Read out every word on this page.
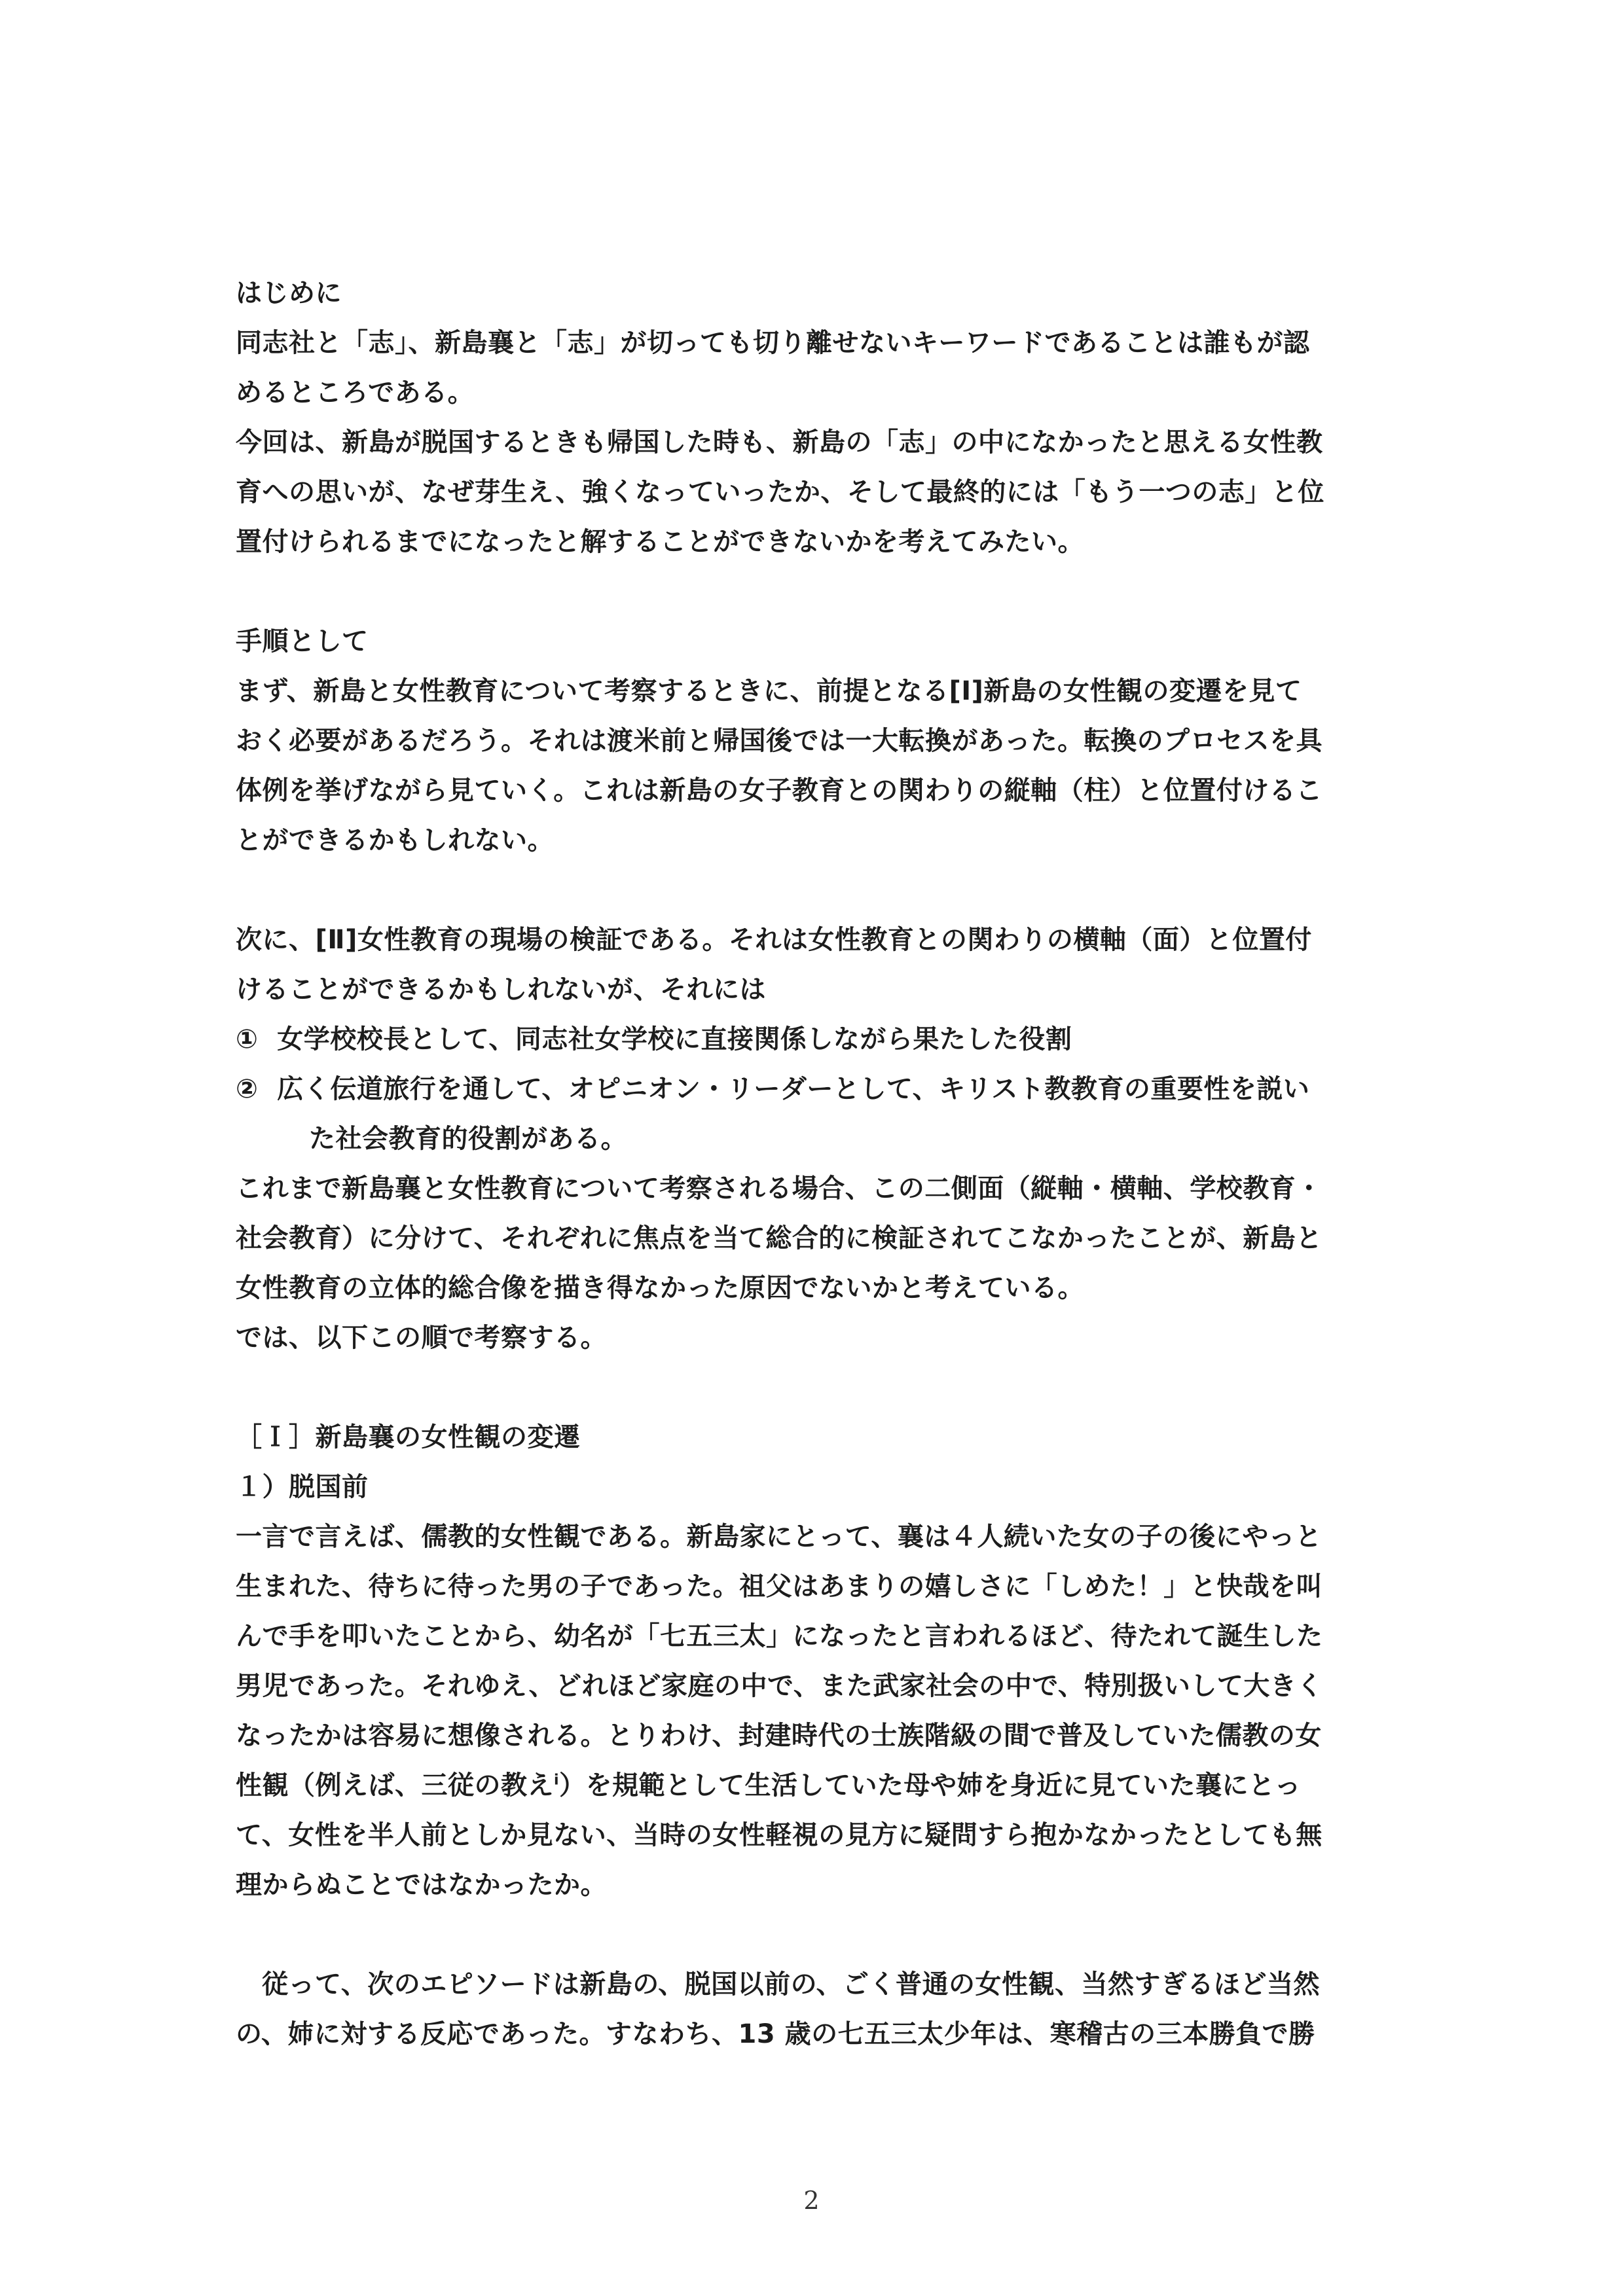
はじめに
同志社と「志」、新島襄と「志」が切っても切り離せないキーワードであることは誰もが認
めるところである。
今回は、新島が脱国するときも帰国した時も、新島の「志」の中になかったと思える女性教
育への思いが、なぜ芽生え、強くなっていったか、そして最終的には「もう一つの志」と位
置付けられるまでになったと解することができないかを考えてみたい。
手順として
まず、新島と女性教育について考察するときに、前提となる[Ⅰ]新島の女性観の変遷を見て
おく必要があるだろう。それは渡米前と帰国後では一大転換があった。転換のプロセスを具
体例を挙げながら見ていく。これは新島の女子教育との関わりの縦軸（柱）と位置付けるこ
とができるかもしれない。
次に、[Ⅱ]女性教育の現場の検証である。それは女性教育との関わりの横軸（面）と位置付
けることができるかもしれないが、それには
① 女学校校長として、同志社女学校に直接関係しながら果たした役割
② 広く伝道旅行を通して、オピニオン・リーダーとして、キリスト教教育の重要性を説い
た社会教育的役割がある。
これまで新島襄と女性教育について考察される場合、この二側面（縦軸・横軸、学校教育・
社会教育）に分けて、それぞれに焦点を当て総合的に検証されてこなかったことが、新島と
女性教育の立体的総合像を描き得なかった原因でないかと考えている。
では、以下この順で考察する。
［Ｉ］新島襄の女性観の変遷
１）脱国前
一言で言えば、儒教的女性観である。新島家にとって、襄は４人続いた女の子の後にやっと
生まれた、待ちに待った男の子であった。祖父はあまりの嬉しさに「しめた！」と快哉を叫
んで手を叩いたことから、幼名が「七五三太」になったと言われるほど、待たれて誕生した
男児であった。それゆえ、どれほど家庭の中で、また武家社会の中で、特別扱いして大きく
なったかは容易に想像される。とりわけ、封建時代の士族階級の間で普及していた儒教の女
性観（例えば、三従の教え$^i$）を規範として生活していた母や姉を身近に見ていた襄にとっ
て、女性を半人前としか見ない、当時の女性軽視の見方に疑問すら抱かなかったとしても無
理からぬことではなかったか。
従って、次のエピソードは新島の、脱国以前の、ごく普通の女性観、当然すぎるほど当然
の、姉に対する反応であった。すなわち、13 歳の七五三太少年は、寒稽古の三本勝負で勝
2
